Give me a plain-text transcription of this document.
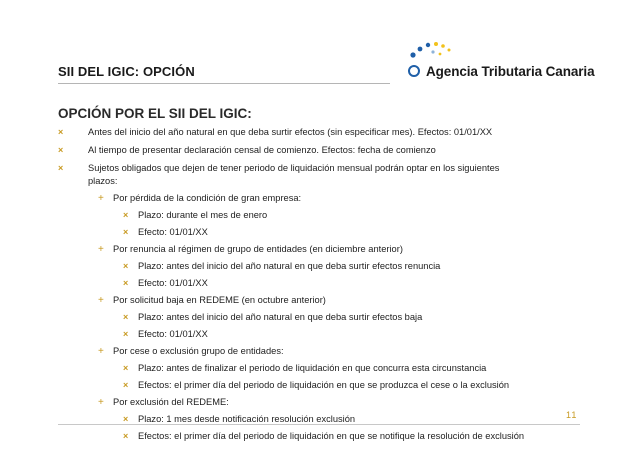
SII DEL IGIC: OPCIÓN	Agencia Tributaria Canaria
OPCIÓN POR EL SII DEL IGIC:
×	Antes del inicio del año natural en que deba surtir efectos (sin especificar mes). Efectos: 01/01/XX
×	Al tiempo de presentar declaración censal de comienzo. Efectos: fecha de comienzo
×	Sujetos obligados que dejen de tener periodo de liquidación mensual podrán optar en los siguientes
plazos:
+ Por pérdida de la condición de gran empresa:
× Plazo: durante el mes de enero
× Efecto: 01/01/XX
+ Por renuncia al régimen de grupo de entidades (en diciembre anterior)
× Plazo: antes del inicio del año natural en que deba surtir efectos renuncia
× Efecto: 01/01/XX
+ Por solicitud baja en REDEME (en octubre anterior)
× Plazo: antes del inicio del año natural en que deba surtir efectos baja
× Efecto: 01/01/XX
+ Por cese o exclusión grupo de entidades:
× Plazo: antes de finalizar el periodo de liquidación en que concurra esta circunstancia
× Efectos: el primer día del periodo de liquidación en que se produzca el cese o la exclusión
+ Por exclusión del REDEME:
× Plazo: 1 mes desde notificación resolución exclusión
× Efectos: el primer día del periodo de liquidación en que se notifique la resolución de exclusión
11
